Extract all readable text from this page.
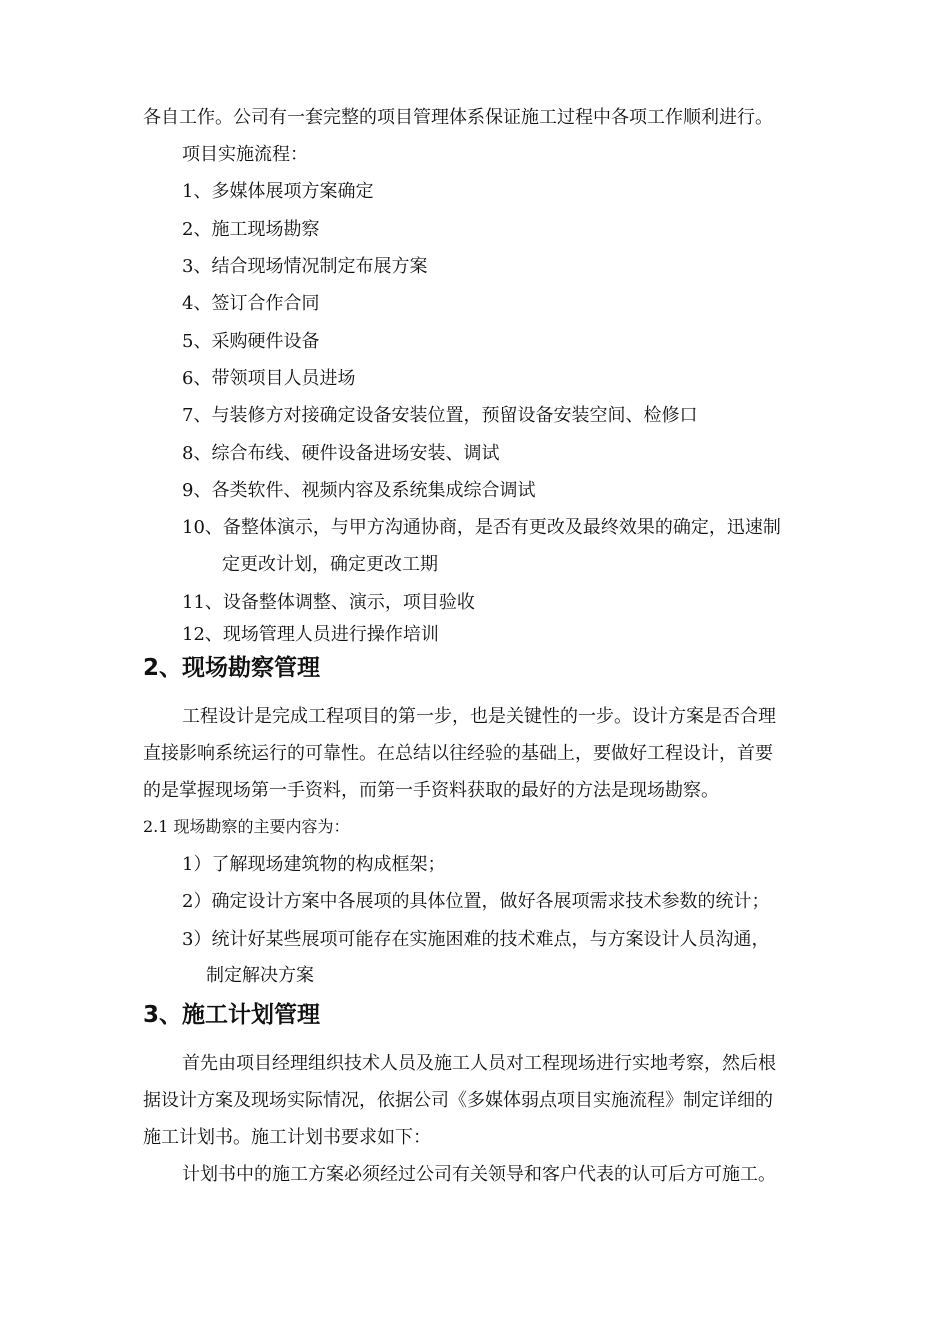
各自工作。公司有一套完整的项目管理体系保证施工过程中各项工作顺利进行。
项目实施流程：
1、多媒体展项方案确定
2、施工现场勘察
3、结合现场情况制定布展方案
4、签订合作合同
5、采购硬件设备
6、带领项目人员进场
7、与装修方对接确定设备安装位置，预留设备安装空间、检修口
8、综合布线、硬件设备进场安装、调试
9、各类软件、视频内容及系统集成综合调试
10、备整体演示，与甲方沟通协商，是否有更改及最终效果的确定，迅速制
定更改计划，确定更改工期
11、设备整体调整、演示，项目验收
12、现场管理人员进行操作培训
2、现场勘察管理
工程设计是完成工程项目的第一步，也是关键性的一步。设计方案是否合理
直接影响系统运行的可靠性。在总结以往经验的基础上，要做好工程设计，首要
的是掌握现场第一手资料，而第一手资料获取的最好的方法是现场勘察。
2.1 现场勘察的主要内容为：
1）了解现场建筑物的构成框架；
2）确定设计方案中各展项的具体位置，做好各展项需求技术参数的统计；
3）统计好某些展项可能存在实施困难的技术难点，与方案设计人员沟通，
制定解决方案
3、施工计划管理
首先由项目经理组织技术人员及施工人员对工程现场进行实地考察，然后根
据设计方案及现场实际情况，依据公司《多媒体弱点项目实施流程》制定详细的
施工计划书。施工计划书要求如下：
计划书中的施工方案必须经过公司有关领导和客户代表的认可后方可施工。
